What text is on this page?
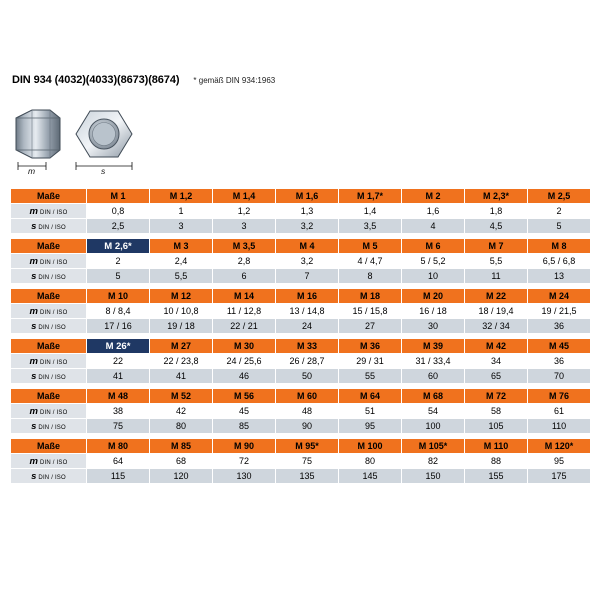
DIN 934 (4032)(4033)(8673)(8674) * gemäß DIN 934:1963
m	s
Maße	M 1	M 1,2	M 1,4	M 1,6	M 1,7*	M 2	M 2,3*	M 2,5
m DIN / ISO	0,8	1	1,2	1,3	1,4	1,6	1,8	2
s DIN / ISO	2,5	3	3	3,2	3,5	4	4,5	5
Maße	M 2,6*	M 3	M 3,5	M 4	M 5	M 6	M 7	M 8
m DIN / ISO	2	2,4	2,8	3,2	4 / 4,7	5 / 5,2	5,5	6,5 / 6,8
s DIN / ISO	5	5,5	6	7	8	10	11	13
Maße	M 10	M 12	M 14	M 16	M 18	M 20	M 22	M 24
m DIN / ISO	8 / 8,4	10 / 10,8	11 / 12,8	13 / 14,8	15 / 15,8	16 / 18	18 / 19,4	19 / 21,5
s DIN / ISO	17 / 16	19 / 18	22 / 21	24	27	30	32 / 34	36
Maße	M 26*	M 27	M 30	M 33	M 36	M 39	M 42	M 45
m DIN / ISO	22	22 / 23,8	24 / 25,6	26 / 28,7	29 / 31	31 / 33,4	34	36
s DIN / ISO	41	41	46	50	55	60	65	70
Maße	M 48	M 52	M 56	M 60	M 64	M 68	M 72	M 76
m DIN / ISO	38	42	45	48	51	54	58	61
s DIN / ISO	75	80	85	90	95	100	105	110
Maße	M 80	M 85	M 90	M 95*	M 100	M 105*	M 110	M 120*
m DIN / ISO	64	68	72	75	80	82	88	95
s DIN / ISO	115	120	130	135	145	150	155	175
